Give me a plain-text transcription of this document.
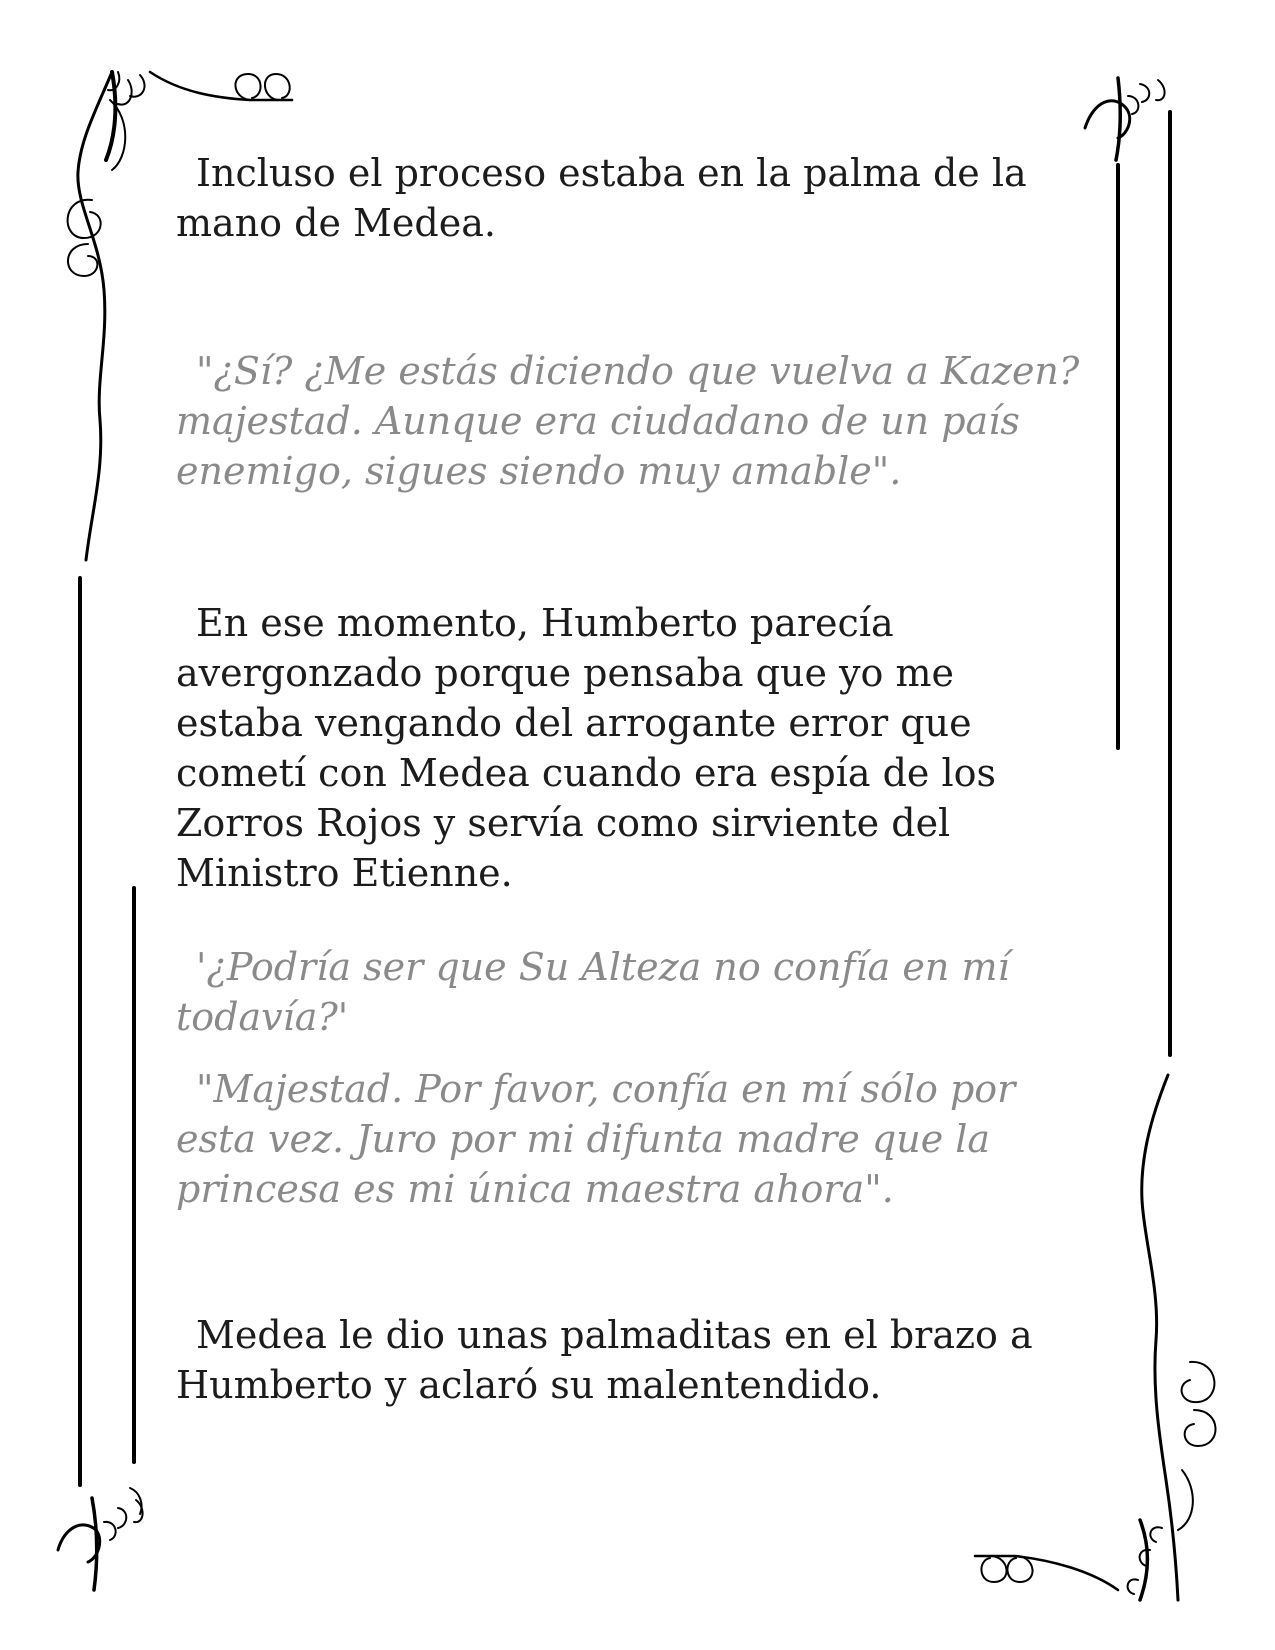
Incluso el proceso estaba en la palma de la mano de Medea.

"¿Sí? ¿Me estás diciendo que vuelva a Kazen? majestad. Aunque era ciudadano de un país enemigo, sigues siendo muy amable".

En ese momento, Humberto parecía avergonzado porque pensaba que yo me estaba vengando del arrogante error que cometí con Medea cuando era espía de los Zorros Rojos y servía como sirviente del Ministro Etienne.

'¿Podría ser que Su Alteza no confía en mí todavía?'

"Majestad. Por favor, confía en mí sólo por esta vez. Juro por mi difunta madre que la princesa es mi única maestra ahora".

Medea le dio unas palmaditas en el brazo a Humberto y aclaró su malentendido.
